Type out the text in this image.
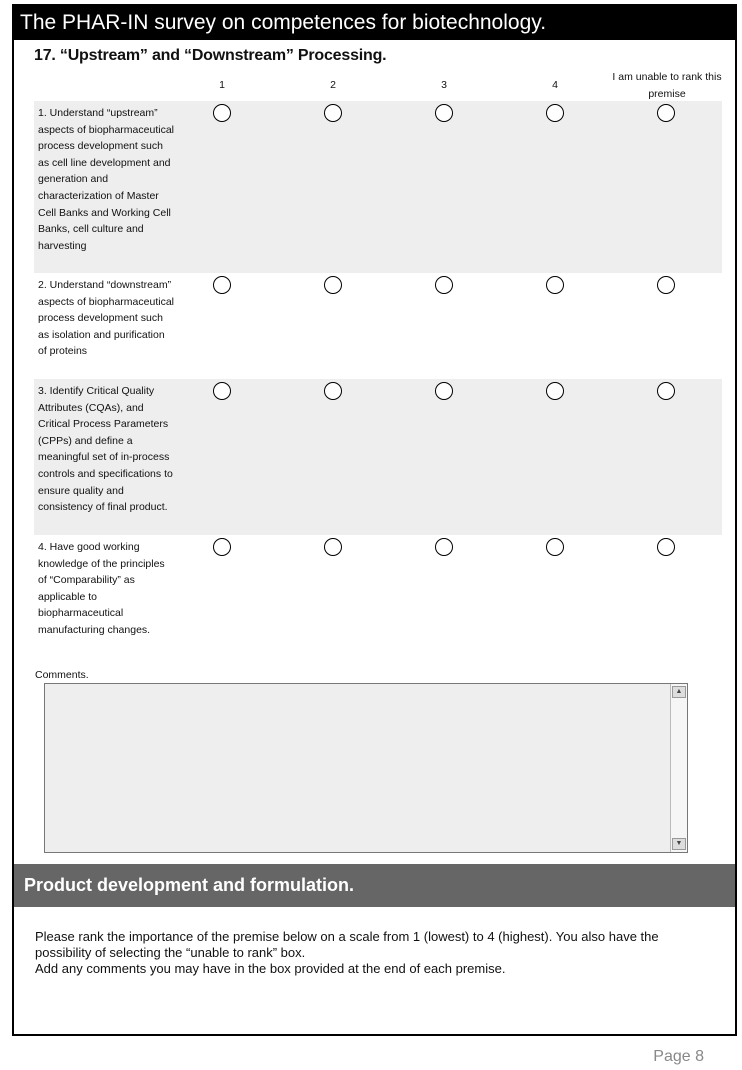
The PHAR-IN survey on competences for biotechnology.
17. “Upstream” and “Downstream” Processing.
1	2	3	4
I am unable to rank this premise
1. Understand “upstream” aspects of biopharmaceutical process development such as cell line development and generation and characterization of Master Cell Banks and Working Cell Banks, cell culture and harvesting
2. Understand “downstream” aspects of biopharmaceutical process development such as isolation and purification of proteins
3. Identify Critical Quality Attributes (CQAs), and Critical Process Parameters (CPPs) and define a meaningful set of in-process controls and specifications to ensure quality and consistency of final product.
4. Have good working knowledge of the principles of “Comparability” as applicable to biopharmaceutical manufacturing changes.
Comments.
▲
▼
Product development and formulation.

Please rank the importance of the premise below on a scale from 1 (lowest) to 4 (highest). You also have the possibility of selecting the “unable to rank” box.

Add any comments you may have in the box provided at the end of each premise.

Page 8
